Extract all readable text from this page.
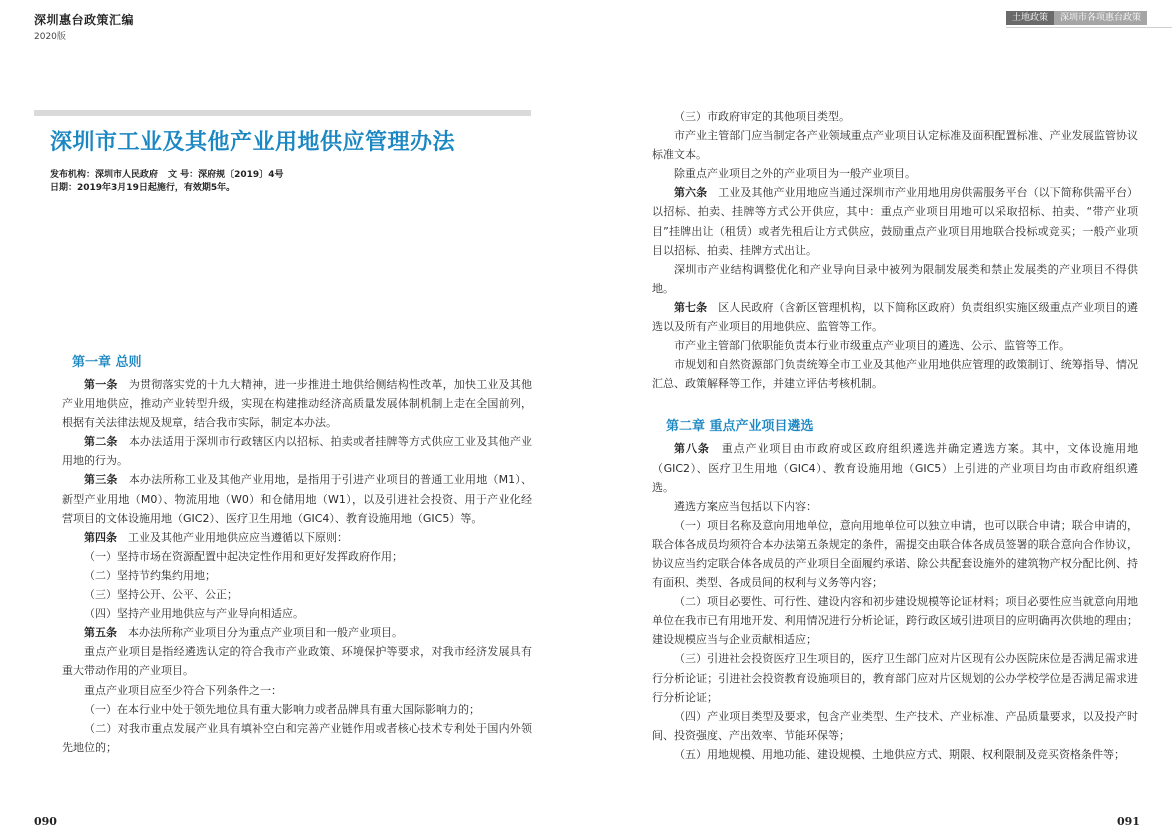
深圳惠台政策汇编
2020版
土地政策	深圳市各项惠台政策
深圳市工业及其他产业用地供应管理办法
发布机构：深圳市人民政府 文 号：深府规〔2019〕4号
日期：2019年3月19日起施行，有效期5年。
第一章 总则

第一条　 为贯彻落实党的十九大精神，进一步推进土地供给侧结构性改革，加快工业及其他产业用地供应，推动产业转型升级，实现在构建推动经济高质量发展体制机制上走在全国前列，根据有关法律法规及规章，结合我市实际，制定本办法。

第二条　 本办法适用于深圳市行政辖区内以招标、拍卖或者挂牌等方式供应工业及其他产业用地的行为。

第三条　 本办法所称工业及其他产业用地，是指用于引进产业项目的普通工业用地（M1）、新型产业用地（M0）、物流用地（W0）和仓储用地（W1），以及引进社会投资、用于产业化经营项目的文体设施用地（GIC2）、医疗卫生用地（GIC4）、教育设施用地（GIC5）等。

第四条　 工业及其他产业用地供应应当遵循以下原则：

（一）坚持市场在资源配置中起决定性作用和更好发挥政府作用；

（二）坚持节约集约用地；

（三）坚持公开、公平、公正；

（四）坚持产业用地供应与产业导向相适应。

第五条　 本办法所称产业项目分为重点产业项目和一般产业项目。

重点产业项目是指经遴选认定的符合我市产业政策、环境保护等要求，对我市经济发展具有重大带动作用的产业项目。

重点产业项目应至少符合下列条件之一：

（一）在本行业中处于领先地位具有重大影响力或者品牌具有重大国际影响力的；

（二）对我市重点发展产业具有填补空白和完善产业链作用或者核心技术专利处于国内外领先地位的；

（三）市政府审定的其他项目类型。

市产业主管部门应当制定各产业领域重点产业项目认定标准及面积配置标准、产业发展监管协议标准文本。

除重点产业项目之外的产业项目为一般产业项目。

第六条　 工业及其他产业用地应当通过深圳市产业用地用房供需服务平台（以下简称供需平台）以招标、拍卖、挂牌等方式公开供应，其中：重点产业项目用地可以采取招标、拍卖、“带产业项目”挂牌出让（租赁）或者先租后让方式供应，鼓励重点产业项目用地联合投标或竞买；一般产业项目以招标、拍卖、挂牌方式出让。

深圳市产业结构调整优化和产业导向目录中被列为限制发展类和禁止发展类的产业项目不得供地。

第七条　 区人民政府（含新区管理机构，以下简称区政府）负责组织实施区级重点产业项目的遴选以及所有产业项目的用地供应、监管等工作。

市产业主管部门依职能负责本行业市级重点产业项目的遴选、公示、监管等工作。

市规划和自然资源部门负责统筹全市工业及其他产业用地供应管理的政策制订、统筹指导、情况汇总、政策解释等工作，并建立评估考核机制。

第二章 重点产业项目遴选

第八条　 重点产业项目由市政府或区政府组织遴选并确定遴选方案。其中，文体设施用地（GIC2）、医疗卫生用地（GIC4）、教育设施用地（GIC5）上引进的产业项目均由市政府组织遴选。

遴选方案应当包括以下内容：

（一）项目名称及意向用地单位，意向用地单位可以独立申请，也可以联合申请；联合申请的，联合体各成员均须符合本办法第五条规定的条件，需提交由联合体各成员签署的联合意向合作协议，协议应当约定联合体各成员的产业项目全面履约承诺、除公共配套设施外的建筑物产权分配比例、持有面积、类型、各成员间的权利与义务等内容；

（二）项目必要性、可行性、建设内容和初步建设规模等论证材料；项目必要性应当就意向用地单位在我市已有用地开发、利用情况进行分析论证，跨行政区域引进项目的应明确再次供地的理由；建设规模应当与企业贡献相适应；

（三）引进社会投资医疗卫生项目的，医疗卫生部门应对片区现有公办医院床位是否满足需求进行分析论证；引进社会投资教育设施项目的，教育部门应对片区规划的公办学校学位是否满足需求进行分析论证；

（四）产业项目类型及要求，包含产业类型、生产技术、产业标准、产品质量要求，以及投产时间、投资强度、产出效率、节能环保等；

（五）用地规模、用地功能、建设规模、土地供应方式、期限、权利限制及竞买资格条件等；

090	091
